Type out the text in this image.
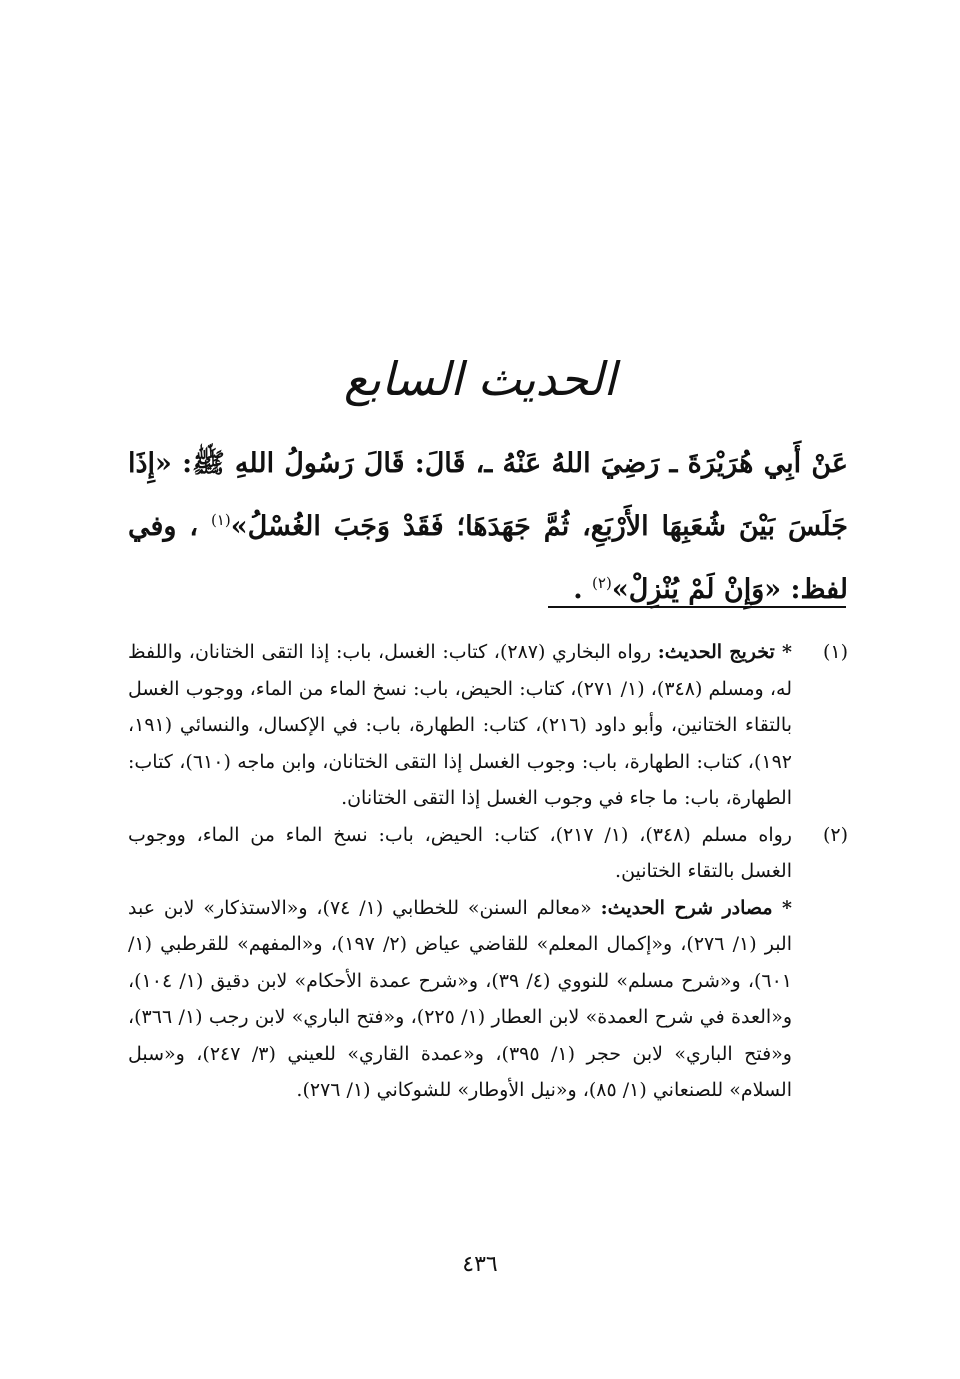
الحديث السابع

عَنْ أَبِي هُرَيْرَةَ ـ رَضِيَ اللهُ عَنْهُ ـ، قَالَ: قَالَ رَسُولُ اللهِ ﷺ: «إِذَا جَلَسَ بَيْنَ شُعَبِهَا الأَرْبَعِ، ثُمَّ جَهَدَهَا؛ فَقَدْ وَجَبَ الغُسْلُ»$^{(١)}$ ، وفي لفظ: «وَإِنْ لَمْ يُنْزِلْ»$^{(٢)}$ .

(١)
* تخريج الحديث: رواه البخاري (٢٨٧)، كتاب: الغسل، باب: إذا التقى الختانان، واللفظ له، ومسلم (٣٤٨)، (١/ ٢٧١)، كتاب: الحيض، باب: نسخ الماء من الماء، ووجوب الغسل بالتقاء الختانين، وأبو داود (٢١٦)، كتاب: الطهارة، باب: في الإكسال، والنسائي (١٩١، ١٩٢)، كتاب: الطهارة، باب: وجوب الغسل إذا التقى الختانان، وابن ماجه (٦١٠)، كتاب: الطهارة، باب: ما جاء في وجوب الغسل إذا التقى الختانان.
(٢)
رواه مسلم (٣٤٨)، (١/ ٢١٧)، كتاب: الحيض، باب: نسخ الماء من الماء، ووجوب الغسل بالتقاء الختانين.
* مصادر شرح الحديث: «معالم السنن» للخطابي (١/ ٧٤)، و«الاستذكار» لابن عبد البر (١/ ٢٧٦)، و«إكمال المعلم» للقاضي عياض (٢/ ١٩٧)، و«المفهم» للقرطبي (١/ ٦٠١)، و«شرح مسلم» للنووي (٤/ ٣٩)، و«شرح عمدة الأحكام» لابن دقيق (١/ ١٠٤)، و«العدة في شرح العمدة» لابن العطار (١/ ٢٢٥)، و«فتح الباري» لابن رجب (١/ ٣٦٦)، و«فتح الباري» لابن حجر (١/ ٣٩٥)، و«عمدة القاري» للعيني (٣/ ٢٤٧)، و«سبل السلام» للصنعاني (١/ ٨٥)، و«نيل الأوطار» للشوكاني (١/ ٢٧٦).
٤٣٦
